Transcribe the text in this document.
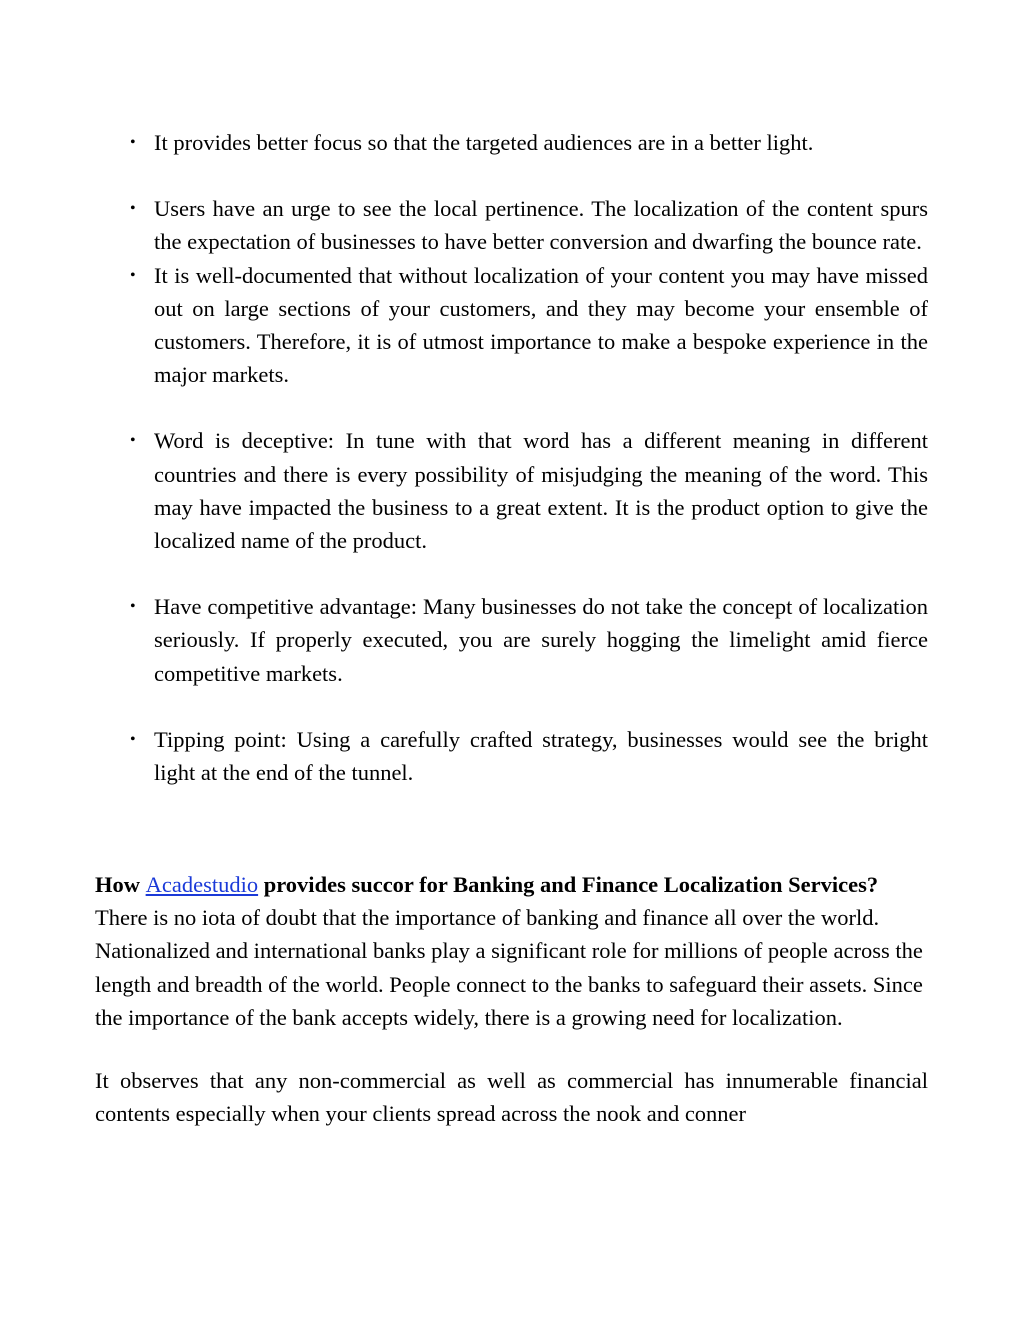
• It provides better focus so that the targeted audiences are in a better light.
• Users have an urge to see the local pertinence. The localization of the content spurs the expectation of businesses to have better conversion and dwarfing the bounce rate.
• It is well-documented that without localization of your content you may have missed out on large sections of your customers, and they may become your ensemble of customers. Therefore, it is of utmost importance to make a bespoke experience in the major markets.
• Word is deceptive: In tune with that word has a different meaning in different countries and there is every possibility of misjudging the meaning of the word. This may have impacted the business to a great extent. It is the product option to give the localized name of the product.
• Have competitive advantage: Many businesses do not take the concept of localization seriously. If properly executed, you are surely hogging the limelight amid fierce competitive markets.
• Tipping point: Using a carefully crafted strategy, businesses would see the bright light at the end of the tunnel.
How Acadestudio provides succor for Banking and Finance Localization Services?

There is no iota of doubt that the importance of banking and finance all over the world. Nationalized and international banks play a significant role for millions of people across the length and breadth of the world. People connect to the banks to safeguard their assets. Since the importance of the bank accepts widely, there is a growing need for localization.

It observes that any non-commercial as well as commercial has innumerable financial contents especially when your clients spread across the nook and conner
